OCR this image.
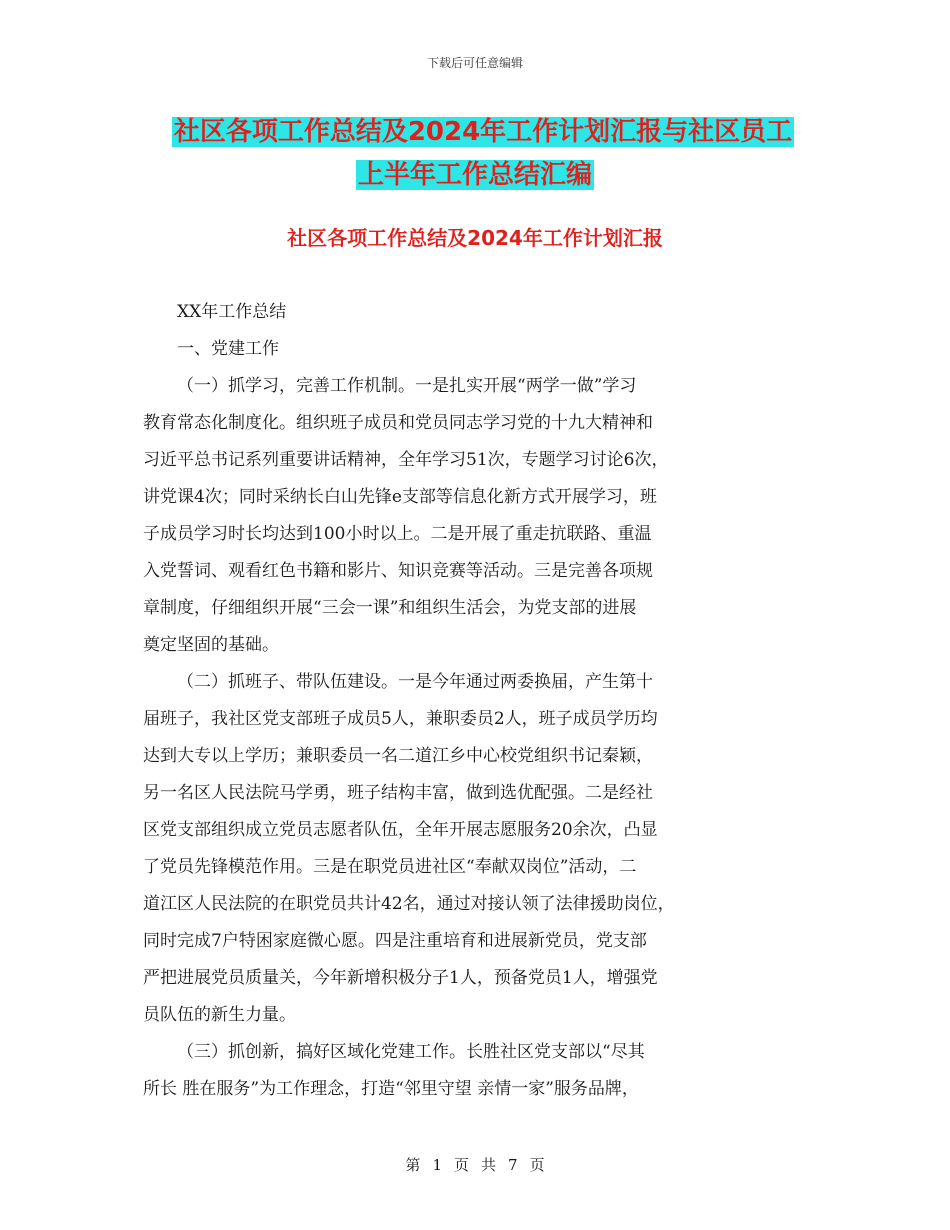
下载后可任意编辑
社区各项工作总结及2024年工作计划汇报与社区员工
上半年工作总结汇编
社区各项工作总结及2024年工作计划汇报

XX年工作总结

一、党建工作

（一）抓学习，完善工作机制。一是扎实开展“两学一做”学习
教育常态化制度化。组织班子成员和党员同志学习党的十九大精神和
习近平总书记系列重要讲话精神，全年学习51次，专题学习讨论6次，
讲党课4次；同时采纳长白山先锋e支部等信息化新方式开展学习，班
子成员学习时长均达到100小时以上。二是开展了重走抗联路、重温
入党誓词、观看红色书籍和影片、知识竞赛等活动。三是完善各项规
章制度，仔细组织开展“三会一课”和组织生活会，为党支部的进展
奠定坚固的基础。

（二）抓班子、带队伍建设。一是今年通过两委换届，产生第十
届班子，我社区党支部班子成员5人，兼职委员2人，班子成员学历均
达到大专以上学历；兼职委员一名二道江乡中心校党组织书记秦颖，
另一名区人民法院马学勇，班子结构丰富，做到选优配强。二是经社
区党支部组织成立党员志愿者队伍，全年开展志愿服务20余次，凸显
了党员先锋模范作用。三是在职党员进社区“奉献双岗位”活动，二
道江区人民法院的在职党员共计42名，通过对接认领了法律援助岗位，
同时完成7户特困家庭微心愿。四是注重培育和进展新党员，党支部
严把进展党员质量关，今年新增积极分子1人，预备党员1人，增强党
员队伍的新生力量。

（三）抓创新，搞好区域化党建工作。长胜社区党支部以“尽其
所长 胜在服务”为工作理念，打造“邻里守望 亲情一家”服务品牌，

第 1 页 共 7 页
